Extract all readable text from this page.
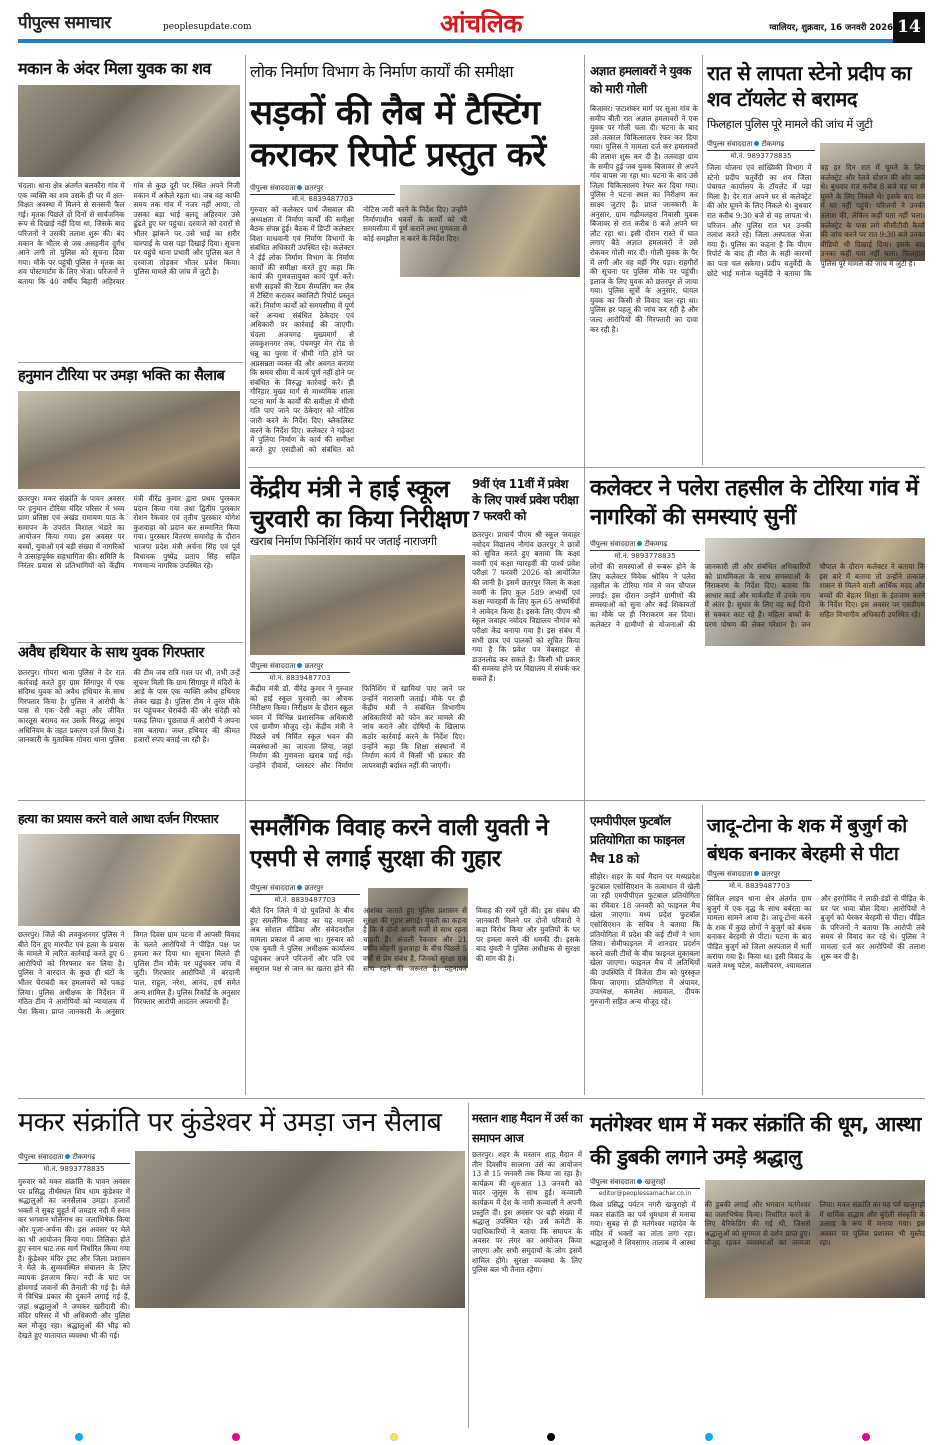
पीपुल्स समाचार	peoplesupdate.com	आंचलिक	ग्वालियर, शुक्रवार, 16 जनवरी 2026 14
मकान के अंदर मिला युवक का शव
चंदला। थाना क्षेत्र अंतर्गत बलकौरा गांव में एक व्यक्ति का शव उसके ही घर में क्षत-विक्षत अवस्था में मिलने से सनसनी फैल गई। मृतक पिछले दो दिनों से सार्वजनिक रूप से दिखाई नहीं दिया था, जिसके बाद परिजनों ने उसकी तलाश शुरू की। बंद मकान के भीतर से जब असहनीय दुर्गंध आने लगी तो पुलिस को सूचना दिया गया। मौके पर पहुंची पुलिस ने मृतक का शव पोस्टमार्टम के लिए भेजा। परिजनों ने बताया कि 40 वर्षीय बिहारी अहिरवार गांव से कुछ दूरी पर स्थित अपने निजी मकान में अकेले रहता था। जब वह काफी समय तक गांव में नजर नहीं आया, तो उसका बड़ा भाई बलदू अहिरवार उसे ढूंढते हुए घर पहुंचा। दरवाजे को दरारों से भीतर झांकने पर उसे भाई का शरीर चारपाई के पास पड़ा दिखाई दिया। सूचना पर पहुंचे थाना प्रभारी और पुलिस बल ने दरवाजा तोड़कर भीतर प्रवेश किया। पुलिस मामले की जांच में जुटी है।
हनुमान टौरिया पर उमड़ा भक्ति का सैलाब
छतरपुर। मकर संक्रांति के पावन अवसर पर हनुमान टौरिया मंदिर परिसर में भव्य प्राण प्रतिष्ठा एवं अखंड रामायण पाठ के समापन के उपरांत विशाल भंडारे का आयोजन किया गया। इस अवसर पर बच्चों, युवाओं एवं बड़ी संख्या में नागरिकों ने उत्साहपूर्वक सहभागिता की। समिति के निरंतर प्रयास से प्रतिभागियों को केंद्रीय मंत्री वीरेंद्र कुमार द्वारा प्रथम पुरस्कार प्रदान किया गया तथा द्वितीय पुरस्कार रोशन रैकवार एवं तृतीय पुरस्कार योगेश कुशवाहा को प्रदान कर सम्मानित किया गया। पुरस्कार वितरण समारोह के दौरान भाजपा प्रदेश मंत्री अर्चना सिंह एवं पूर्व विधायक पुष्पेंद्र प्रताप सिंह सहित गणमान्य नागरिक उपस्थित रहे।
अवैध हथियार के साथ युवक गिरफ्तार
छतरपुर। गोयरा थाना पुलिस ने देर रात कार्रवाई करते हुए ग्राम सिंगापुर में एक संदिग्ध युवक को अवैध हथियार के साथ गिरफ्तार किया है। पुलिस ने आरोपी के पास से एक देसी कट्टा और जीवित कारतूस बरामद कर उसके विरुद्ध आयुध अधिनियम के तहत प्रकरण दर्ज किया है। जानकारी के मुताबिक गोयरा थाना पुलिस की टीम जब रात्रि गश्त पर थी, तभी उन्हें सूचना मिली कि ग्राम सिंगापुर में मंदिरों के आड़े के पास एक व्यक्ति अवैध हथियार लेकर खड़ा है। पुलिस टीम ने तुरंत मौके पर पहुंचकर घेराबंदी की और संदेही को पकड़ लिया। पूछताछ में आरोपी ने अपना नाम बताया। जब्त हथियार की कीमत हजारों रुपए बताई जा रही है।
हत्या का प्रयास करने वाले आधा दर्जन गिरफ्तार
छतरपुर। जिले की लवकुशनगर पुलिस ने बीते दिन हुए मारपीट एवं हत्या के प्रयास के मामले में त्वरित कार्रवाई करते हुए 6 आरोपियों को गिरफ्तार कर लिया है। पुलिस ने वारदात के कुछ ही घंटों के भीतर घेराबंदी कर हमलावरों को पकड़ लिया। पुलिस अधीक्षक के निर्देशन में गठित टीम ने आरोपियों को न्यायालय में पेश किया। प्राप्त जानकारी के अनुसार विगत दिवस ग्राम पटना में आपसी विवाद के चलते आरोपियों ने पीड़ित पक्ष पर हमला कर दिया था। सूचना मिलते ही पुलिस टीम मौके पर पहुंचकर जांच में जुटी। गिरफ्तार आरोपियों में बरदानी पाल, राहुल, नरेश, आनंद, हर्ष समेत अन्य शामिल हैं। पुलिस रिकॉर्ड के अनुसार गिरफ्तार आरोपी आदतन अपराधी हैं।
लोक निर्माण विभाग के निर्माण कार्यों की समीक्षा
सड़कों की लैब में टैस्टिंग कराकर रिपोर्ट प्रस्तुत करें
पीपुल्स संवाददाता छतरपुर
मो.नं. 8839487703
गुरुवार को कलेक्टर पार्थ जैसवाल की अध्यक्षता में निर्माण कार्यों की समीक्षा बैठक संपन्न हुई। बैठक में डिप्टी कलेक्टर विशा माधवानी एवं निर्माण विभागों के संबंधित अधिकारी उपस्थित रहे। कलेक्टर ने ईई लोक निर्माण विभाग के निर्माण कार्यों की समीक्षा करते हुए कहा कि कार्य की गुणवत्तायुक्त कार्य पूर्ण करें। सभी सड़कों की रेंडम सैम्पलिंग कर लैब में टैस्टिंग कराकर क्वालिटी रिपोर्ट प्रस्तुत करें। निर्माण कार्यों को समयसीमा में पूर्ण करें अन्यथा संबंधित ठेकेदार एवं अधिकारी पर कार्रवाई की जाएगी। चंदला अजयगढ़ मुख्यमार्ग से लवकुशनगर तक, पंचमपुर मेन रोड से धन्नू का पुरवा में धीमी गति होने पर अप्रसन्नता व्यक्त की और अवगत कराया कि समय सीमा में कार्य पूर्ण नहीं होने पर संबंधित के विरुद्ध कार्रवाई करें। ही गौरिहार मुख्य मार्ग से माध्यमिक शाला पटना मार्ग के कार्यों की समीक्षा में धीमी गति पाए जाने पर ठेकेदार को नोटिस जारी करने के निर्देश दिए। ब्लैकलिस्ट करने के निर्देश दिए। कलेक्टर ने गढ़ेवरा में पुलिया निर्माण के कार्य की समीक्षा करते हुए एसडीओ को संबंधित को नोटिस जारी करने के निर्देश दिए। उन्होंने निर्माणाधीन भवनों के कार्यों को भी समयसीमा में पूर्ण कराने तथा गुणवत्ता से कोई समझौता न करने के निर्देश दिए।
केंद्रीय मंत्री ने हाई स्कूल चुरवारी का किया निरीक्षण
खराब निर्माण फिनिशिंग कार्य पर जताई नाराजगी
पीपुल्स संवाददाता छतरपुर
मो.नं. 8839487703
केंद्रीय मंत्री डॉ. वीरेंद्र कुमार ने गुरुवार को हाई स्कूल चुरवारी का औचक निरीक्षण किया। निरीक्षण के दौरान स्कूल भवन में विभिन्न प्रशासनिक अधिकारी एवं ग्रामीण मौजूद रहे। केंद्रीय मंत्री ने पिछले वर्ष निर्मित स्कूल भवन की व्यवस्थाओं का जायजा लिया, जहां निर्माण की गुणवत्ता खराब पाई गई। उन्होंने दीवारों, प्लास्टर और निर्माण फिनिशिंग में खामियां पाए जाने पर उन्होंने नाराजगी जताई। मौके पर ही केंद्रीय मंत्री ने संबंधित विभागीय अधिकारियों को फोन कर मामले की जांच कराने और दोषियों के खिलाफ कठोर कार्रवाई करने के निर्देश दिए। उन्होंने कहा कि शिक्षा संस्थानों में निर्माण कार्य में किसी भी प्रकार की लापरवाही बर्दाश्त नहीं की जाएगी।
9वीं एंव 11वीं में प्रवेश के लिए पार्श्व प्रवेश परीक्षा 7 फरवरी को
छतरपुर। प्राचार्य पीएम श्री स्कूल जवाहर नवोदय विद्यालय नौगांव छतरपुर ने छात्रों को सूचित करते हुए बताया कि कक्षा नवमीं एवं कक्षा ग्यारहवीं की पार्श्व प्रवेश परीक्षा 7 फरवरी 2026 को आयोजित की जानी है। इसमें छतरपुर जिला के कक्षा नवमीं के लिए कुल 589 अभ्यर्थी एवं कक्षा ग्यारहवीं के लिए कुल 65 अभ्यर्थियों ने आवेदन किया है। इसके लिए पीएम श्री स्कूल जवाहर नवोदय विद्यालय नौगांव को परीक्षा केंद्र बनाया गया है। इस संबंध में सभी छात्र एवं पालकों को सूचित किया गया है कि प्रवेश पत्र वेबसाइट से डाउनलोड कर सकते हैं। किसी भी प्रकार की समस्या होने पर विद्यालय में संपर्क कर सकते हैं।
समलैंगिक विवाह करने वाली युवती ने एसपी से लगाई सुरक्षा की गुहार
पीपुल्स संवाददाता छतरपुर
मो.नं. 8839487703
बीते दिन जिले में दो युवतियों के बीच हुए समलैंगिक विवाह का यह मामला अब सोशल मीडिया और संवेदनशील मामला प्रकाश में आया था। गुरुवार को एक युवती ने पुलिस अधीक्षक कार्यालय पहुंचकर अपने परिजनों और पति एवं ससुराल पक्ष से जान का खतरा होने की आशंका जताते हुए पुलिस प्रशासन से सुरक्षा की गुहार लगाई। युवती का कहना है कि वे दोनों अपनी मर्जी से साथ रहना चाहती हैं। अंजली रैकवार और 21 वर्षीय मोहनी कुशवाहा के बीच पिछले 5 वर्षों से प्रेम संबंध है, जिनको सुरक्षा एक साथ रहने की जरूरत है। पहनाकर विवाह की रस्में पूरी कीं। इस संबंध की जानकारी मिलने पर दोनों परिवारों ने कड़ा विरोध किया और युवतियों के घर पर हमला करने की धमकी दी। इसके बाद युवती ने पुलिस अधीक्षक से सुरक्षा की मांग की है।
अज्ञात हमलावरों ने युवक को मारी गोली
बिजावर। जटाशंकर मार्ग पर सुआ गांव के समीप बीती रात अज्ञात हमलावरों ने एक युवक पर गोली चला दी। घटना के बाद उसे तत्काल चिकित्सालय रेफर कर दिया गया। पुलिस ने मामला दर्ज कर हमलावरों की तलाश शुरू कर दी है। तलवाहा ग्राम के समीप हुई जब युवक बिजावर से अपने गांव वापस जा रहा था। घटना के बाद उसे जिला चिकित्सालय रेफर कर दिया गया। पुलिस ने घटना स्थल का निरीक्षण कर साक्ष्य जुटाए हैं। प्राप्त जानकारी के अनुसार, ग्राम गढ़ीमलहरा निवासी युवक बिजावर से रात करीब 8 बजे अपने घर लौट रहा था। इसी दौरान रास्ते में घात लगाए बैठे अज्ञात हमलावरों ने उसे रोककर गोली मार दी। गोली युवक के पैर में लगी और वह वहीं गिर पड़ा। राहगीरों की सूचना पर पुलिस मौके पर पहुंची। इलाज के लिए युवक को छतरपुर ले जाया गया। पुलिस सूत्रों के अनुसार, घायल युवक का किसी से विवाद चल रहा था। पुलिस हर पहलू की जांच कर रही है और जल्द आरोपियों की गिरफ्तारी का दावा कर रही है।
रात से लापता स्टेनो प्रदीप का शव टॉयलेट से बरामद
फिलहाल पुलिस पूरे मामले की जांच में जुटी
पीपुल्स संवाददाता टीकमगढ़
मो.नं. 9893778835
जिला योजना एवं सांख्यिकी विभाग में स्टेनो प्रदीप चतुर्वेदी का शव जिला पंचायत कार्यालय के टॉयलेट में पड़ा मिला है। देर रात अपने घर से कलेक्ट्रेट की ओर घूमने के लिए निकले थे। बुधवार रात करीब 9:30 बजे से वह लापता थे। परिजन और पुलिस रात भर उनकी तलाश करते रहे। जिला अस्पताल भेजा गया है। पुलिस का कहना है कि पीएम रिपोर्ट के बाद ही मौत के सही कारणों का पता चल सकेगा। प्रदीप चतुर्वेदी के छोटे भाई मनोज चतुर्वेदी ने बताया कि वह हर दिन रात में घूमने के लिए कलेक्ट्रेट और रेलवे स्टेशन की ओर जाते थे। बुधवार रात करीब 8 बजे वह घर से घूमने के लिए निकले थे। इसके बाद रात में घर नहीं पहुंचे। परिजनों ने उनकी तलाश की, लेकिन कहीं पता नहीं चला। कलेक्ट्रेट के पास लगे सीसीटीवी कैमरे की जांच करने पर रात 9:30 बजे उनका वीडियो भी दिखाई दिया। इसके बाद उनका कहीं पता नहीं चला। फिलहाल पुलिस पूरे मामले की जांच में जुटी है।
कलेक्टर ने पलेरा तहसील के टोरिया गांव में नागरिकों की समस्याएं सुनीं
पीपुल्स संवाददाता टीकमगढ़
मो.नं. 9893778835
लोगों की समस्याओं से रूबरू होने के लिए कलेक्टर विवेक श्रोत्रिय ने पलेरा तहसील के टोरिया गांव में जन चौपाल लगाई। इस दौरान उन्होंने ग्रामीणों की समस्याओं को सुना और कई शिकायतों का मौके पर ही निराकरण कर दिया। कलेक्टर ने ग्रामीणों से योजनाओं की जानकारी ली और संबंधित अधिकारियों को प्राथमिकता के साथ समस्याओं के निराकरण के निर्देश दिए। बताया कि आधार कार्ड और मार्कशीट में उनके नाम में अंतर है। सुधार के लिए वह कई दिनों से चक्कर काट रहे हैं। महिला बच्चों के परण पोषण की लेकर परेशान है। जन चौपाल के दौरान कलेक्टर ने बताया कि इस बारे में बताया तो उन्होंने तत्काल शासन से मिलने वाली आर्थिक मदद और बच्चों की बेहतर शिक्षा के इंतजाम करने के निर्देश दिए। इस अवसर पर एसडीएम सहित विभागीय अधिकारी उपस्थित रहे।
एमपीपीएल फुटबॉल प्रतियोगिता का फाइनल मैच 18 को
सीहोर। शहर के चर्च मैदान पर मध्यप्रदेश फुटबाल एसोसिएशन के तत्वाधान में खेली जा रही एमपीपीएल फुटबाल प्रतियोगिता का रविवार 18 जनवरी को फाइनल मैच खेला जाएगा। मध्य प्रदेश फुटबॉल एसोसिएशन के सचिव ने बताया कि प्रतियोगिता में प्रदेश की कई टीमों ने भाग लिया। सेमीफाइनल में शानदार प्रदर्शन करने वाली टीमों के बीच फाइनल मुकाबला खेला जाएगा। फाइनल मैच में अतिथियों की उपस्थिति में विजेता टीम को पुरस्कृत किया जाएगा। प्रतियोगिता में अंपायर, उपाध्यक्ष, कमलेश अग्रवाल, दीपक गुरुवानी सहित अन्य मौजूद रहे।
जादू-टोना के शक में बुजुर्ग को बंधक बनाकर बेरहमी से पीटा
पीपुल्स संवाददाता छतरपुर
मो.नं. 8839487703
सिविल लाइन थाना क्षेत्र अंतर्गत ग्राम बुजुर्ग में एक वृद्ध के साथ बर्बरता का मामला सामने आया है। जादू-टोना करने के शक में कुछ लोगों ने बुजुर्ग को बंधक बनाकर बेरहमी से पीटा। घटना के बाद पीड़ित बुजुर्ग को जिला अस्पताल में भर्ती कराया गया है। किया था। इसी विवाद के चलते मथ्थु पटेल, कालीचरण, श्यामलाल और हरगोविंद ने लाठी-डंडों से पीड़ित के घर पर धावा बोल दिया। आरोपियों ने बुजुर्ग को घेरकर बेरहमी से पीटा। पीड़ित के परिजनों ने बताया कि आरोपी लंबे समय से विवाद कर रहे थे। पुलिस ने मामला दर्ज कर आरोपियों की तलाश शुरू कर दी है।
मकर संक्रांति पर कुंडेश्वर में उमड़ा जन सैलाब
पीपुल्स संवाददाता टीकमगढ़
मो.नं. 9893778835
गुरुवार को मकर संक्रांति के पावन अवसर पर प्रसिद्ध तीर्थस्थल शिव धाम कुंडेश्वर में श्रद्धालुओं का जनसैलाब उमड़ा। हजारों भक्तों ने सुबह मुहूर्त में जमडार नदी में स्नान कर भगवान भोलेनाथ का जलाभिषेक किया और पूजा-अर्चना की। इस अवसर पर मेले का भी आयोजन किया गया। तिलिका होते हुए स्नान घाट तक मार्ग निर्धारित किया गया है। कुंडेश्वर मंदिर ट्रस्ट और जिला प्रशासन ने मेले के सुव्यवस्थित संचालन के लिए व्यापक इंतजाम किए। नदी के घाट पर होमगार्ड जवानों की तैनाती की गई है। मेले में विभिन्न प्रकार की दुकानें लगाई गई हैं, जहां श्रद्धालुओं ने जमकर खरीदारी की। मंदिर परिसर में भी अधिकारी और पुलिस बल मौजूद रहा। श्रद्धालुओं की भीड़ को देखते हुए यातायात व्यवस्था भी की गई।
मस्तान शाह मैदान में उर्स का समापन आज
छतरपुर। शहर के मस्तान शाह मैदान में तीन दिवसीय सालाना उर्स का आयोजन 13 से 15 जनवरी तक किया जा रहा है। कार्यक्रम की शुरुआत 13 जनवरी को चादर जुलूस के साथ हुई। कव्वाली कार्यक्रम में देश के नामी कव्वालों ने अपनी प्रस्तुति दी। इस अवसर पर बड़ी संख्या में श्रद्धालु उपस्थित रहे। उर्स कमेटी के पदाधिकारियों ने बताया कि समापन के अवसर पर लंगर का आयोजन किया जाएगा और सभी समुदायों के लोग इसमें शामिल होंगे। सुरक्षा व्यवस्था के लिए पुलिस बल भी तैनात रहेगा।
मतंगेश्वर धाम में मकर संक्रांति की धूम, आस्था की डुबकी लगाने उमड़े श्रद्धालु
पीपुल्स संवाददाता खजुराहो
editor@peoplessamachar.co.in
विश्व प्रसिद्ध पर्यटन नगरी खजुराहो में मकर संक्रांति का पर्व धूमधाम से मनाया गया। सुबह से ही मतंगेश्वर महादेव के मंदिर में भक्तों का तांता लगा रहा। श्रद्धालुओं ने शिवसागर तालाब में आस्था की डुबकी लगाई और भगवान मतंगेश्वर का जलाभिषेक किया। निर्धारित करने के लिए बैरिकेडिंग की गई थी, जिससे श्रद्धालुओं को सुगमता से दर्शन प्राप्त हुए। मौजूद रहकर व्यवस्थाओं का जायजा लिया। मकर संक्रांति का यह पर्व खजुराहो में धार्मिक सद्भाव और बुंदेली संस्कृति के उत्साह के रूप में मनाया गया। इस अवसर पर पुलिस प्रशासन भी मुस्तैद रहा।
